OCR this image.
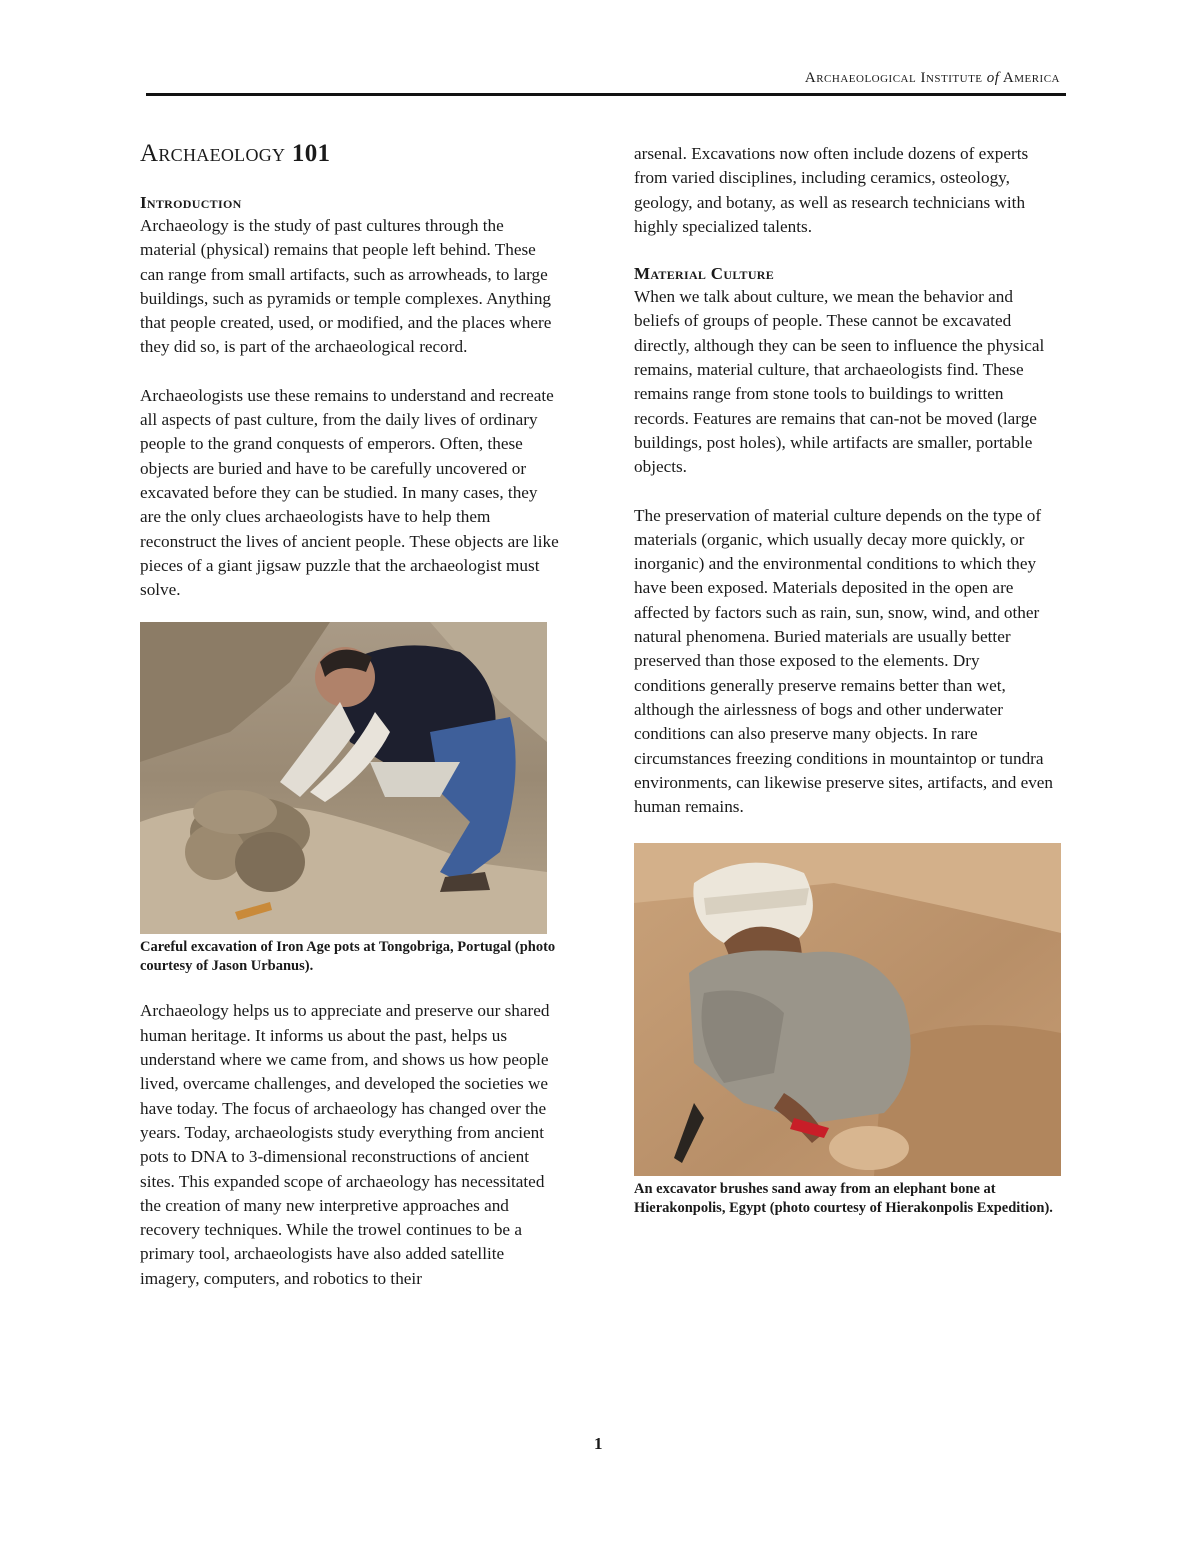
Archaeological Institute of America
Archaeology 101
Introduction

Archaeology is the study of past cultures through the material (physical) remains that people left behind. These can range from small artifacts, such as arrowheads, to large buildings, such as pyramids or temple complexes. Anything that people created, used, or modified, and the places where they did so, is part of the archaeological record.

Archaeologists use these remains to understand and recreate all aspects of past culture, from the daily lives of ordinary people to the grand conquests of emperors. Often, these objects are buried and have to be carefully uncovered or excavated before they can be studied. In many cases, they are the only clues archaeologists have to help them reconstruct the lives of ancient people. These objects are like pieces of a giant jigsaw puzzle that the archaeologist must solve.

Careful excavation of Iron Age pots at Tongobriga, Portugal (photo courtesy of Jason Urbanus).

Archaeology helps us to appreciate and preserve our shared human heritage. It informs us about the past, helps us understand where we came from, and shows us how people lived, overcame challenges, and developed the societies we have today. The focus of archaeology has changed over the years. Today, archaeologists study everything from ancient pots to DNA to 3-dimensional reconstructions of ancient sites. This expanded scope of archaeology has necessitated the creation of many new interpretive approaches and recovery techniques. While the trowel continues to be a primary tool, archaeologists have also added satellite imagery, computers, and robotics to their

arsenal. Excavations now often include dozens of experts from varied disciplines, including ceramics, osteology, geology, and botany, as well as research technicians with highly specialized talents.

Material Culture

When we talk about culture, we mean the behavior and beliefs of groups of people. These cannot be excavated directly, although they can be seen to influence the physical remains, material culture, that archaeologists find. These remains range from stone tools to buildings to written records. Features are remains that can-not be moved (large buildings, post holes), while artifacts are smaller, portable objects.

The preservation of material culture depends on the type of materials (organic, which usually decay more quickly, or inorganic) and the environmental conditions to which they have been exposed. Materials deposited in the open are affected by factors such as rain, sun, snow, wind, and other natural phenomena. Buried materials are usually better preserved than those exposed to the elements. Dry conditions generally preserve remains better than wet, although the airlessness of bogs and other underwater conditions can also preserve many objects. In rare circumstances freezing conditions in mountaintop or tundra environments, can likewise preserve sites, artifacts, and even human remains.

An excavator brushes sand away from an elephant bone at Hierakonpolis, Egypt (photo courtesy of Hierakonpolis Expedition).

1
